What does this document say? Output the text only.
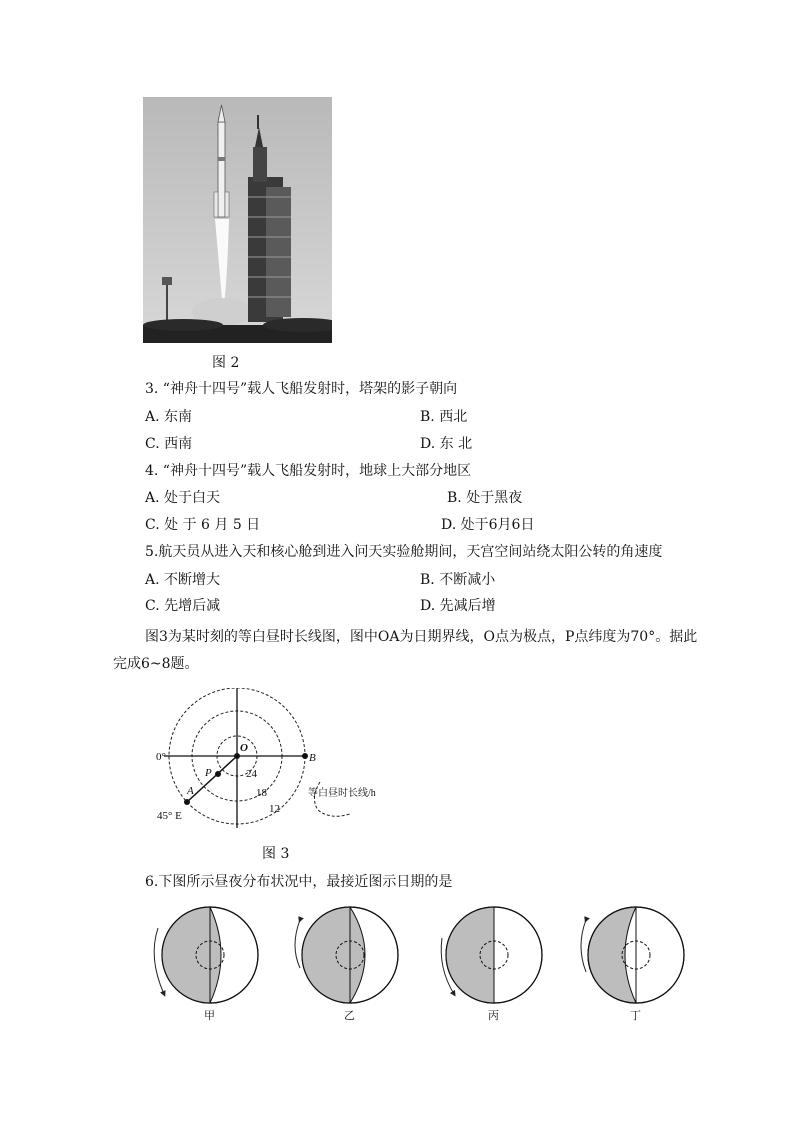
图 2
3. “神舟十四号”载人飞船发射时，塔架的影子朝向
A. 东南	B. 西北
C. 西南	D. 东 北
4. “神舟十四号”载人飞船发射时，地球上大部分地区
A. 处于白天	B. 处于黑夜
C. 处 于 6 月 5 日	D. 处于6月6日
5.航天员从进入天和核心舱到进入问天实验舱期间，天宫空间站绕太阳公转的角速度
A. 不断增大	B. 不断减小
C. 先增后减	D. 先减后增
图3为某时刻的等白昼时长线图，图中OA为日期界线，O点为极点，P点纬度为70°。据此
完成6~8题。
O
B
P
A
0°
45° E
24
18
12
等白昼时长线/h
图 3
6.下图所示昼夜分布状况中，最接近图示日期的是
甲	乙	丙	丁
